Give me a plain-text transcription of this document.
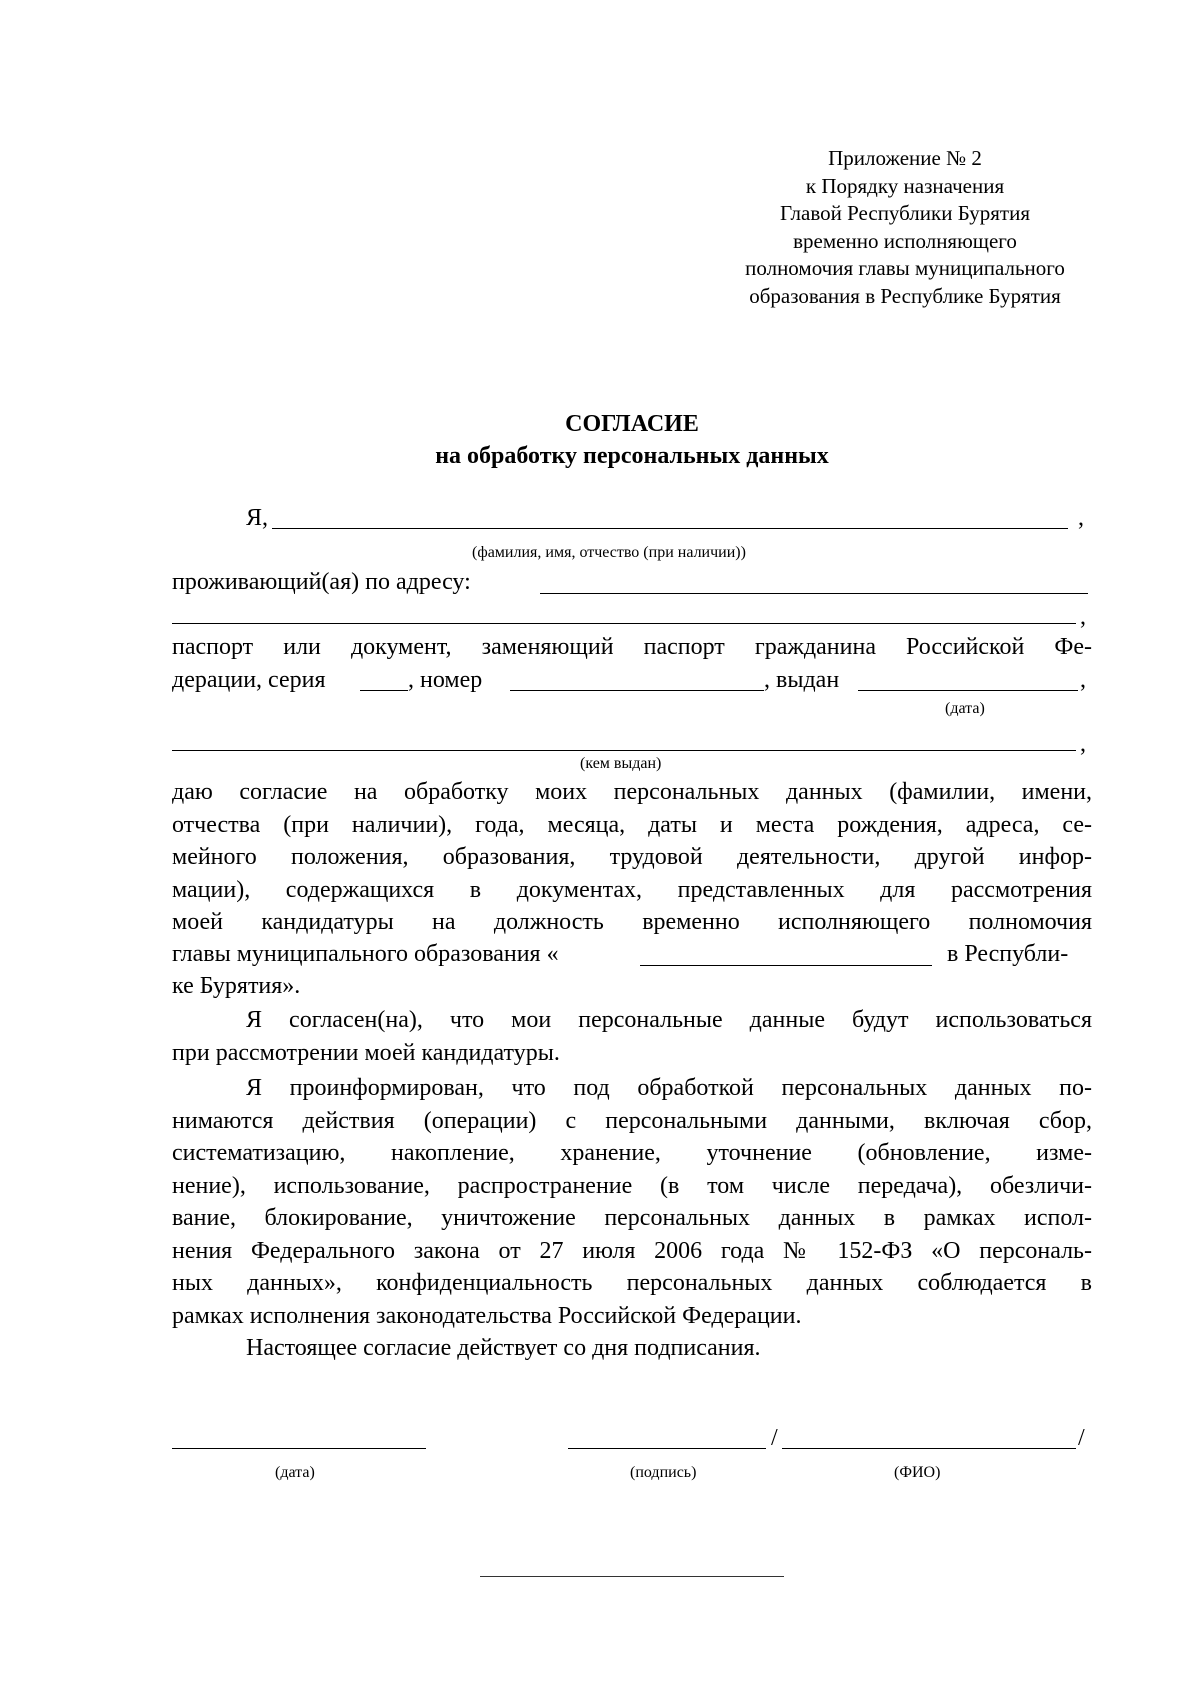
Приложение № 2
к Порядку назначения
Главой Республики Бурятия
временно исполняющего
полномочия главы муниципального
образования в Республике Бурятия
СОГЛАСИЕ
на обработку персональных данных
Я,	,
(фамилия, имя, отчество (при наличии))
проживающий(ая) по адресу:
,
паспорт или документ, заменяющий паспорт гражданина Российской Фе-
дерации, серия	, номер	, выдан	,
(дата)
,
(кем выдан)
даю согласие на обработку моих персональных данных (фамилии, имени,
отчества (при наличии), года, месяца, даты и места рождения, адреса, се-
мейного положения, образования, трудовой деятельности, другой инфор-
мации), содержащихся в документах, представленных для рассмотрения
моей кандидатуры на должность временно исполняющего полномочия
главы муниципального образования «	в Республи-
ке Бурятия».
Я согласен(на), что мои персональные данные будут использоваться
при рассмотрении моей кандидатуры.
Я проинформирован, что под обработкой персональных данных по-
нимаются действия (операции) с персональными данными, включая сбор,
систематизацию, накопление, хранение, уточнение (обновление, изме-
нение), использование, распространение (в том числе передача), обезличи-
вание, блокирование, уничтожение персональных данных в рамках испол-
нения Федерального закона от 27 июля 2006 года № 152-ФЗ «О персональ-
ных данных», конфиденциальность персональных данных соблюдается в
рамках исполнения законодательства Российской Федерации.
Настоящее согласие действует со дня подписания.
(дата)
/	/
(подпись)	(ФИО)
